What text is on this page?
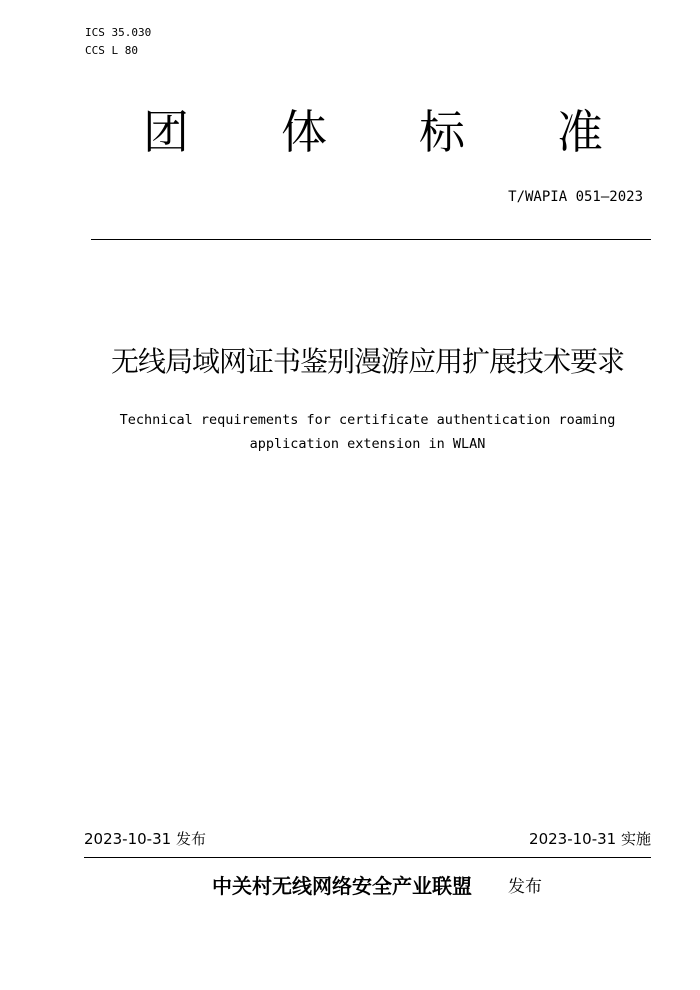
ICS 35.030
CCS L 80
团 体 标 准
T/WAPIA 051—2023
无线局域网证书鉴别漫游应用扩展技术要求
Technical requirements for certificate authentication roaming
application extension in WLAN
2023-10-31 发布	2023-10-31 实施
中关村无线网络安全产业联盟 发布
